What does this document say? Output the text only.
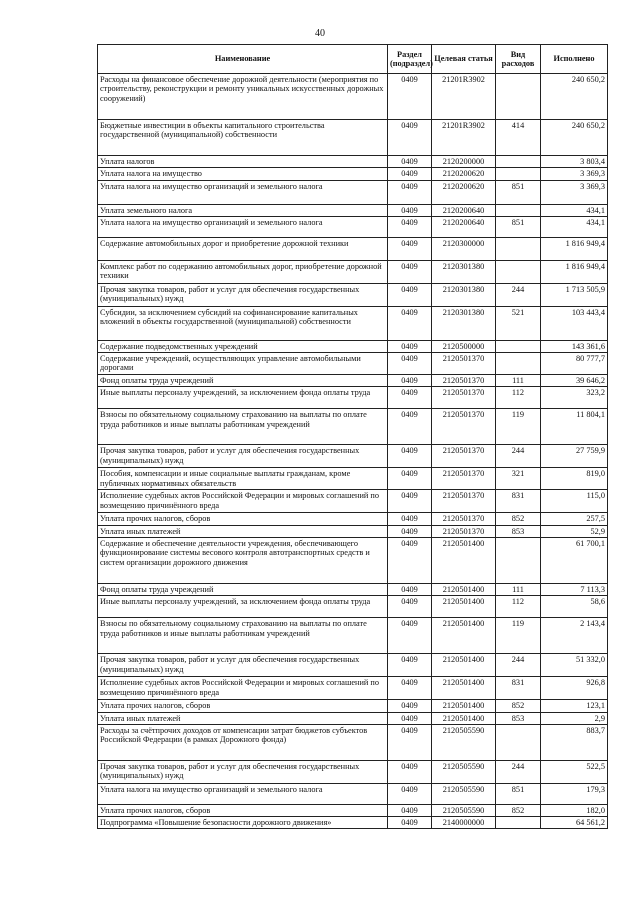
40
Наименование	Раздел (подраздел)	Целевая статья	Вид расходов	Исполнено
Расходы на финансовое обеспечение дорожной деятельности (мероприятия по строительству, реконструкции и ремонту уникальных искусственных дорожных сооружений)	0409	21201R3902		240 650,2
Бюджетные инвестиции в объекты капитального строительства государственной (муниципальной) собственности	0409	21201R3902	414	240 650,2
Уплата налогов	0409	2120200000		3 803,4
Уплата налога на имущество	0409	2120200620		3 369,3
Уплата налога на имущество организаций и земельного налога	0409	2120200620	851	3 369,3
Уплата земельного налога	0409	2120200640		434,1
Уплата налога на имущество организаций и земельного налога	0409	2120200640	851	434,1
Содержание автомобильных дорог и приобретение дорожной техники	0409	2120300000		1 816 949,4
Комплекс работ по содержанию автомобильных дорог, приобретение дорожной техники	0409	2120301380		1 816 949,4
Прочая закупка товаров, работ и услуг для обеспечения государственных (муниципальных) нужд	0409	2120301380	244	1 713 505,9
Субсидии, за исключением субсидий на софинансирование капитальных вложений в объекты государственной (муниципальной) собственности	0409	2120301380	521	103 443,4
Содержание подведомственных учреждений	0409	2120500000		143 361,6
Содержание учреждений, осуществляющих управление автомобильными дорогами	0409	2120501370		80 777,7
Фонд оплаты труда учреждений	0409	2120501370	111	39 646,2
Иные выплаты персоналу учреждений, за исключением фонда оплаты труда	0409	2120501370	112	323,2
Взносы по обязательному социальному страхованию на выплаты по оплате труда работников и иные выплаты работникам учреждений	0409	2120501370	119	11 804,1
Прочая закупка товаров, работ и услуг для обеспечения государственных (муниципальных) нужд	0409	2120501370	244	27 759,9
Пособия, компенсации и иные социальные выплаты гражданам, кроме публичных нормативных обязательств	0409	2120501370	321	819,0
Исполнение судебных актов Российской Федерации и мировых соглашений по возмещению причинённого вреда	0409	2120501370	831	115,0
Уплата прочих налогов, сборов	0409	2120501370	852	257,5
Уплата иных платежей	0409	2120501370	853	52,9
Содержание и обеспечение деятельности учреждения, обеспечивающего функционирование системы весового контроля автотранспортных средств и систем организации дорожного движения	0409	2120501400		61 700,1
Фонд оплаты труда учреждений	0409	2120501400	111	7 113,3
Иные выплаты персоналу учреждений, за исключением фонда оплаты труда	0409	2120501400	112	58,6
Взносы по обязательному социальному страхованию на выплаты по оплате труда работников и иные выплаты работникам учреждений	0409	2120501400	119	2 143,4
Прочая закупка товаров, работ и услуг для обеспечения государственных (муниципальных) нужд	0409	2120501400	244	51 332,0
Исполнение судебных актов Российской Федерации и мировых соглашений по возмещению причинённого вреда	0409	2120501400	831	926,8
Уплата прочих налогов, сборов	0409	2120501400	852	123,1
Уплата иных платежей	0409	2120501400	853	2,9
Расходы за счётпрочих доходов от компенсации затрат бюджетов субъектов Российской Федерации (в рамках Дорожного фонда)	0409	2120505590		883,7
Прочая закупка товаров, работ и услуг для обеспечения государственных (муниципальных) нужд	0409	2120505590	244	522,5
Уплата налога на имущество организаций и земельного налога	0409	2120505590	851	179,3
Уплата прочих налогов, сборов	0409	2120505590	852	182,0
Подпрограмма «Повышение безопасности дорожного движения»	0409	2140000000		64 561,2
